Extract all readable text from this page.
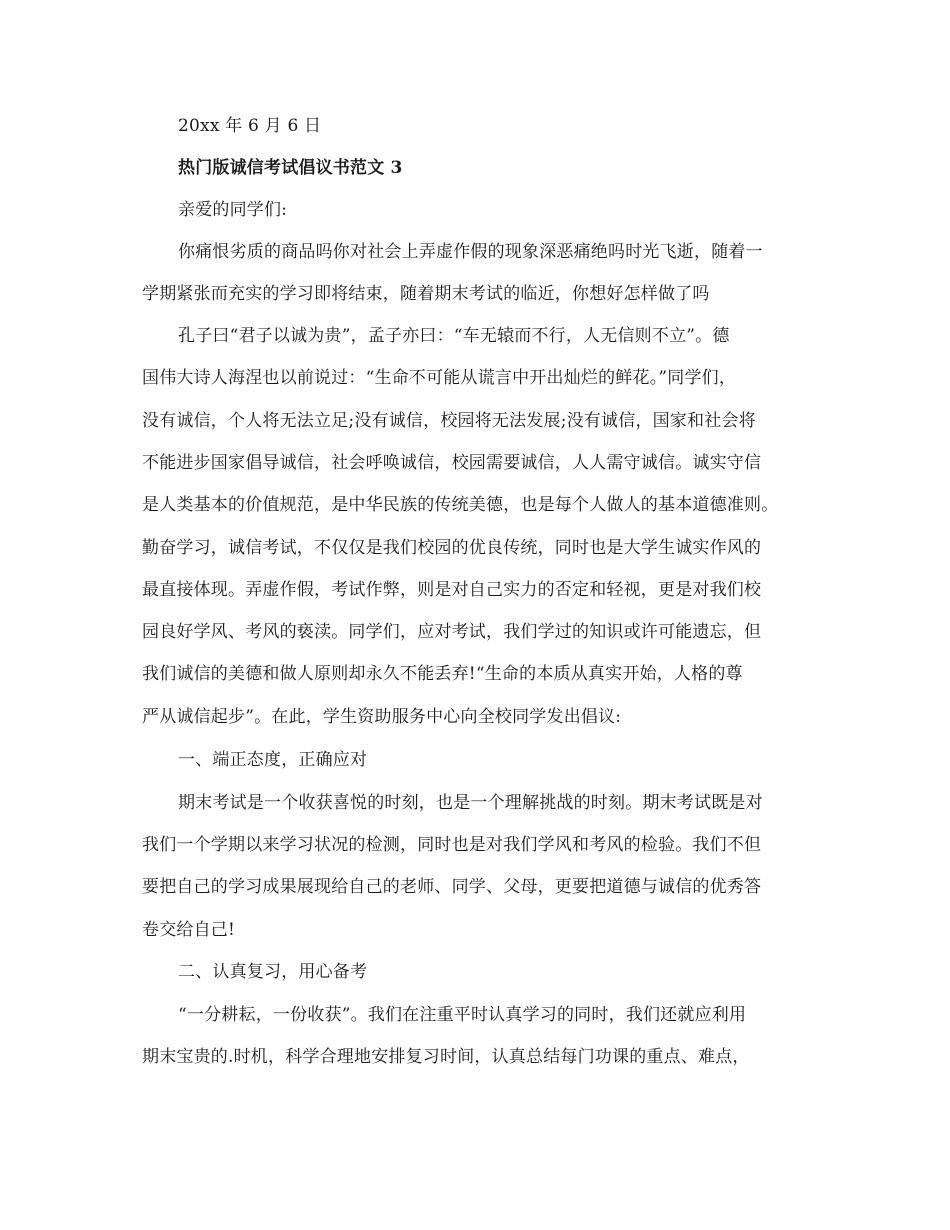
20xx 年 6 月 6 日
热门版诚信考试倡议书范文 3
亲爱的同学们:
你痛恨劣质的商品吗你对社会上弄虚作假的现象深恶痛绝吗时光飞逝，随着一
学期紧张而充实的学习即将结束，随着期末考试的临近，你想好怎样做了吗
孔子曰“君子以诚为贵”，孟子亦曰：“车无辕而不行，人无信则不立”。德
国伟大诗人海涅也以前说过：“生命不可能从谎言中开出灿烂的鲜花。”同学们，
没有诚信，个人将无法立足;没有诚信，校园将无法发展;没有诚信，国家和社会将
不能进步国家倡导诚信，社会呼唤诚信，校园需要诚信，人人需守诚信。诚实守信
是人类基本的价值规范，是中华民族的传统美德，也是每个人做人的基本道德准则。
勤奋学习，诚信考试，不仅仅是我们校园的优良传统，同时也是大学生诚实作风的
最直接体现。弄虚作假，考试作弊，则是对自己实力的否定和轻视，更是对我们校
园良好学风、考风的亵渎。同学们，应对考试，我们学过的知识或许可能遗忘，但
我们诚信的美德和做人原则却永久不能丢弃!“生命的本质从真实开始，人格的尊
严从诚信起步”。在此，学生资助服务中心向全校同学发出倡议:
一、端正态度，正确应对
期末考试是一个收获喜悦的时刻，也是一个理解挑战的时刻。期末考试既是对
我们一个学期以来学习状况的检测，同时也是对我们学风和考风的检验。我们不但
要把自己的学习成果展现给自己的老师、同学、父母，更要把道德与诚信的优秀答
卷交给自己!
二、认真复习，用心备考
“一分耕耘，一份收获”。我们在注重平时认真学习的同时，我们还就应利用
期末宝贵的.时机，科学合理地安排复习时间，认真总结每门功课的重点、难点，
